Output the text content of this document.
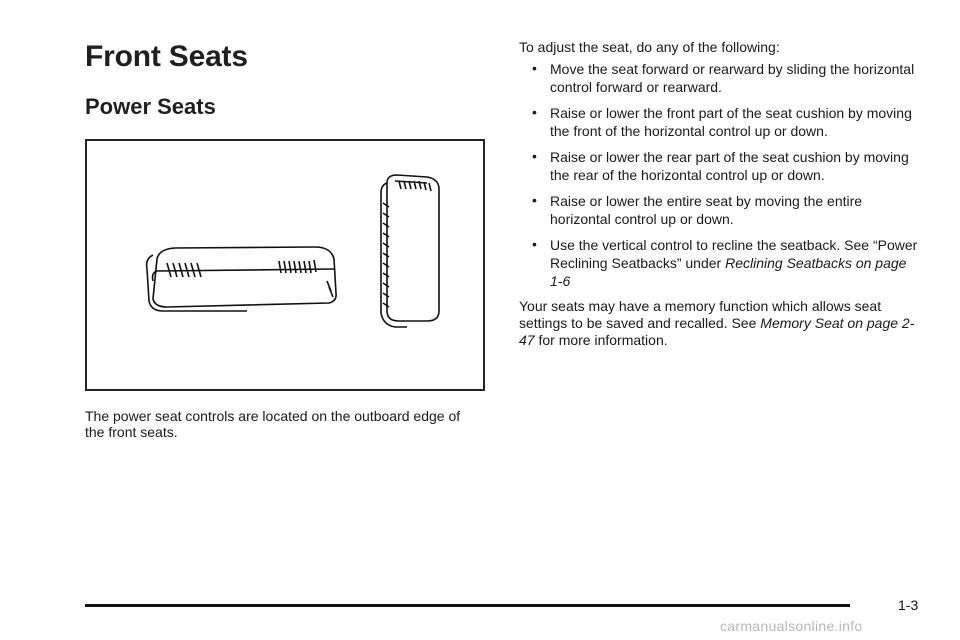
Front Seats
Power Seats

The power seat controls are located on the outboard edge of the front seats.

To adjust the seat, do any of the following:

• Move the seat forward or rearward by sliding the horizontal control forward or rearward.
• Raise or lower the front part of the seat cushion by moving the front of the horizontal control up or down.
• Raise or lower the rear part of the seat cushion by moving the rear of the horizontal control up or down.
• Raise or lower the entire seat by moving the entire horizontal control up or down.
• Use the vertical control to recline the seatback. See “Power Reclining Seatbacks” under Reclining Seatbacks on page 1-6

Your seats may have a memory function which allows seat settings to be saved and recalled. See Memory Seat on page 2-47 for more information.

1-3
carmanualsonline.info
